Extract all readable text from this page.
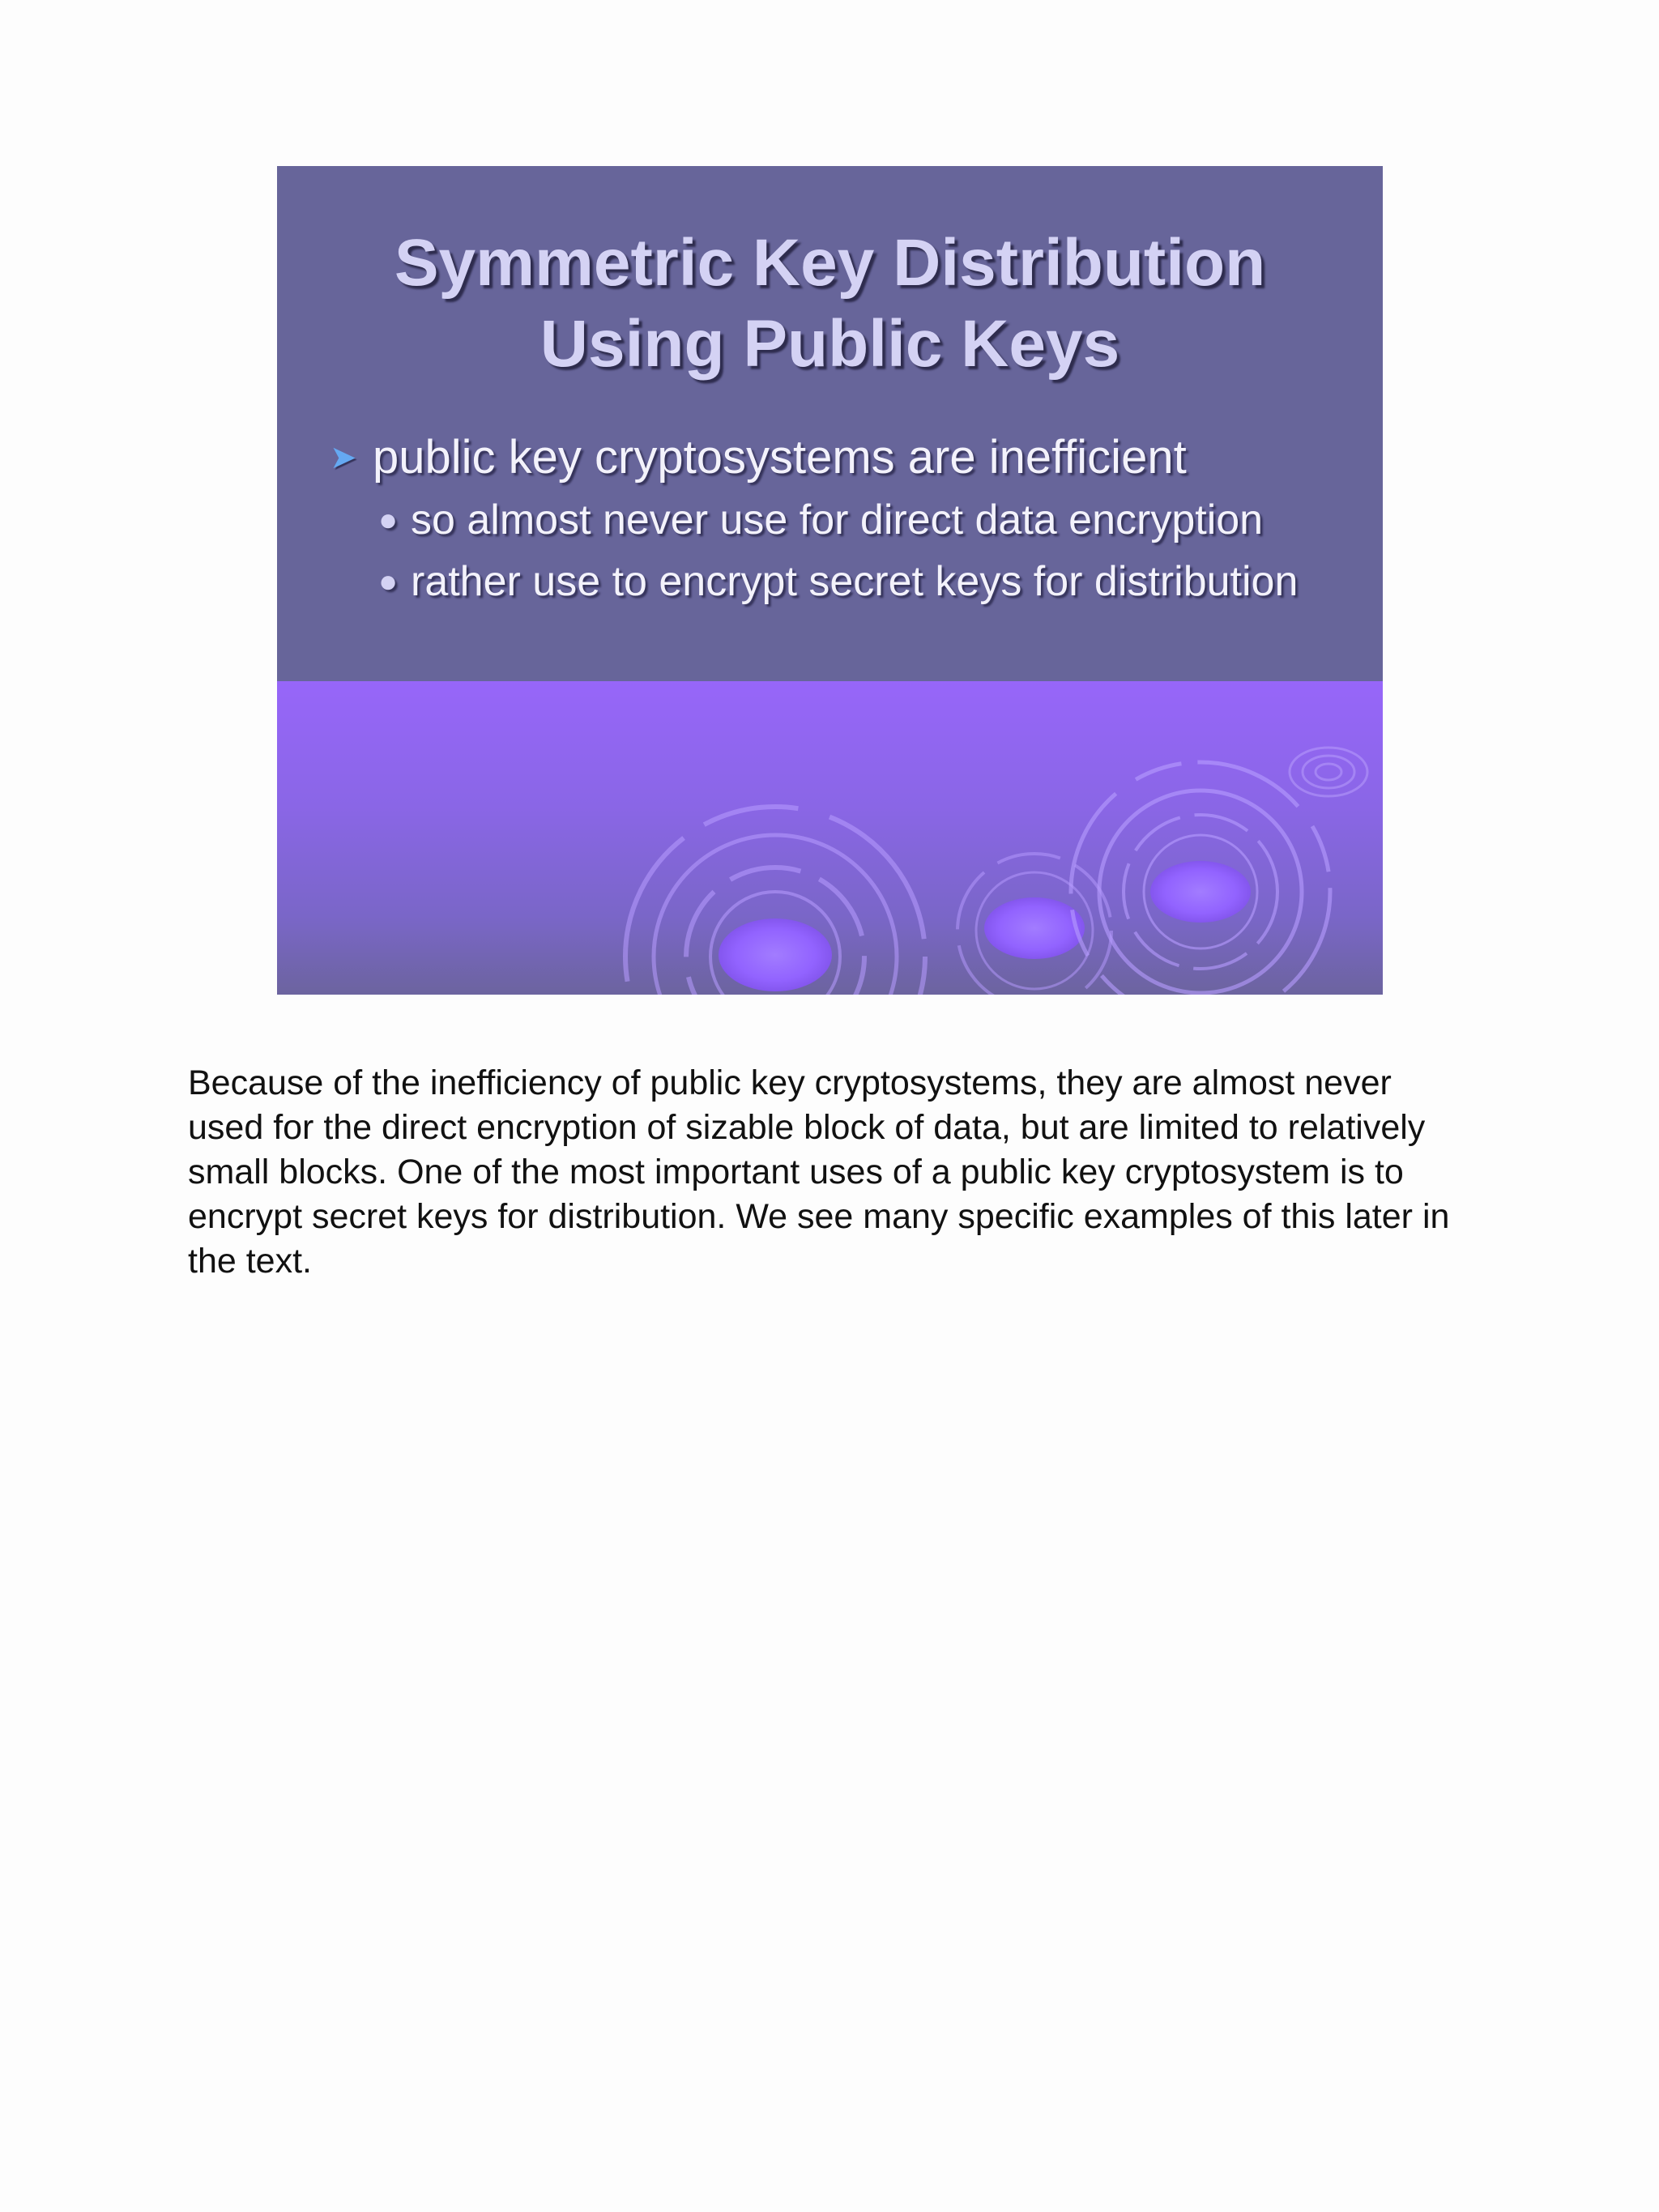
Symmetric Key Distribution
Using Public Keys
➤ public key cryptosystems are inefficient
● so almost never use for direct data encryption
● rather use to encrypt secret keys for distribution

Because of the inefficiency of public key cryptosystems, they are almost never used for the direct encryption of sizable block of data, but are limited to relatively small blocks. One of the most important uses of a public key cryptosystem is to encrypt secret keys for distribution. We see many specific examples of this later in the text.
